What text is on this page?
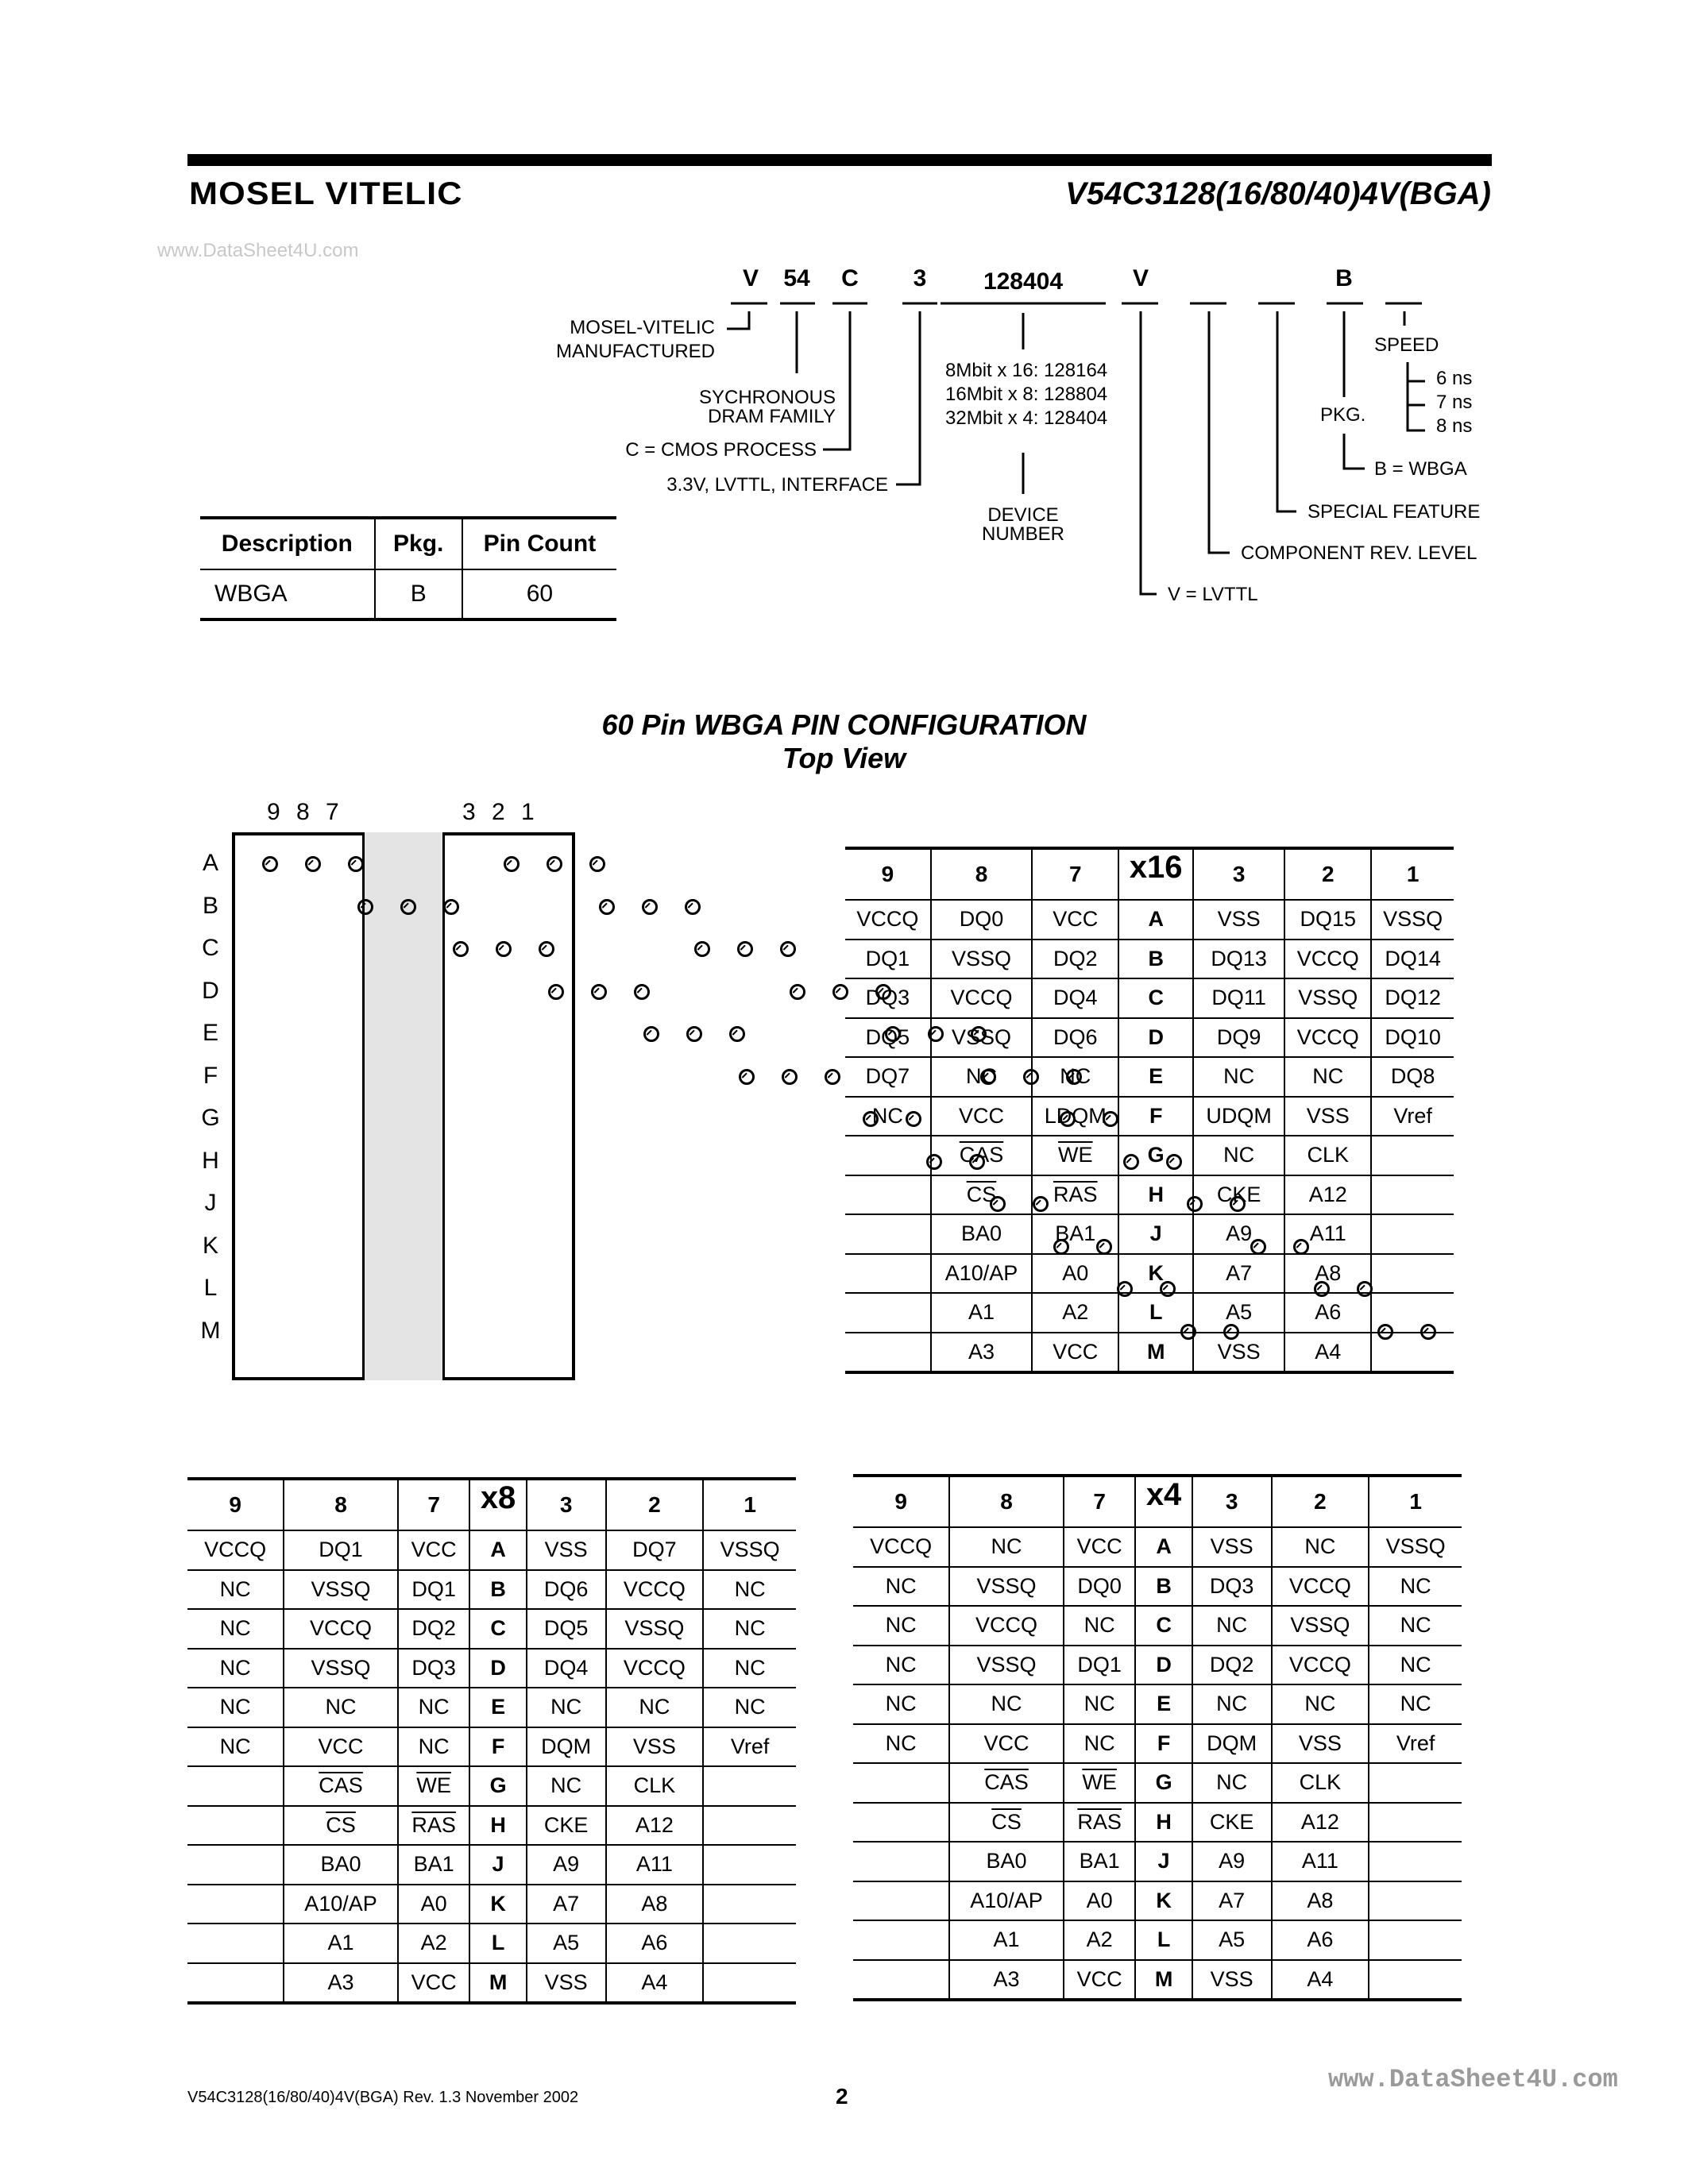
MOSEL VITELIC	V54C3128(16/80/40)4V(BGA)
www.DataSheet4U.com
V 54 C 3 128404	V	B
MOSEL-VITELIC
MANUFACTURED
SYCHRONOUS
DRAM FAMILY
C = CMOS PROCESS
3.3V, LVTTL, INTERFACE
8Mbit x 16: 128164
16Mbit x 8: 128804
32Mbit x 4: 128404
DEVICE
NUMBER
V = LVTTL
COMPONENT REV. LEVEL
SPECIAL FEATURE
PKG.
B = WBGA
SPEED
6 ns
7 ns
8 ns
Description	Pkg.	Pin Count
WBGA	B	60
60 Pin WBGA PIN CONFIGURATION
Top View
9 8 7	3 2 1
A
B
C
D
E
F
G
H
J
K
L
M
9	8	7	x16	3	2	1
VCCQ	DQ0	VCC	A	VSS	DQ15	VSSQ
DQ1	VSSQ	DQ2	B	DQ13	VCCQ	DQ14
DQ3	VCCQ	DQ4	C	DQ11	VSSQ	DQ12
DQ5	VSSQ	DQ6	D	DQ9	VCCQ	DQ10
DQ7	NC	NC	E	NC	NC	DQ8
NC	VCC	LDQM	F	UDQM	VSS	Vref
	$\overline{CAS}$	$\overline{WE}$	G	NC	CLK	
	$\overline{CS}$	$\overline{RAS}$	H	CKE	A12	
	BA0	BA1	J	A9	A11	
	A10/AP	A0	K	A7	A8	
	A1	A2	L	A5	A6	
	A3	VCC	M	VSS	A4	
9	8	7	x8	3	2	1
VCCQ	DQ1	VCC	A	VSS	DQ7	VSSQ
NC	VSSQ	DQ1	B	DQ6	VCCQ	NC
NC	VCCQ	DQ2	C	DQ5	VSSQ	NC
NC	VSSQ	DQ3	D	DQ4	VCCQ	NC
NC	NC	NC	E	NC	NC	NC
NC	VCC	NC	F	DQM	VSS	Vref
	$\overline{CAS}$	$\overline{WE}$	G	NC	CLK	
	$\overline{CS}$	$\overline{RAS}$	H	CKE	A12	
	BA0	BA1	J	A9	A11	
	A10/AP	A0	K	A7	A8	
	A1	A2	L	A5	A6	
	A3	VCC	M	VSS	A4	
9	8	7	x4	3	2	1
VCCQ	NC	VCC	A	VSS	NC	VSSQ
NC	VSSQ	DQ0	B	DQ3	VCCQ	NC
NC	VCCQ	NC	C	NC	VSSQ	NC
NC	VSSQ	DQ1	D	DQ2	VCCQ	NC
NC	NC	NC	E	NC	NC	NC
NC	VCC	NC	F	DQM	VSS	Vref
	$\overline{CAS}$	$\overline{WE}$	G	NC	CLK	
	$\overline{CS}$	$\overline{RAS}$	H	CKE	A12	
	BA0	BA1	J	A9	A11	
	A10/AP	A0	K	A7	A8	
	A1	A2	L	A5	A6	
	A3	VCC	M	VSS	A4	
V54C3128(16/80/40)4V(BGA) Rev. 1.3 November 2002	2
www.DataSheet4U.com
